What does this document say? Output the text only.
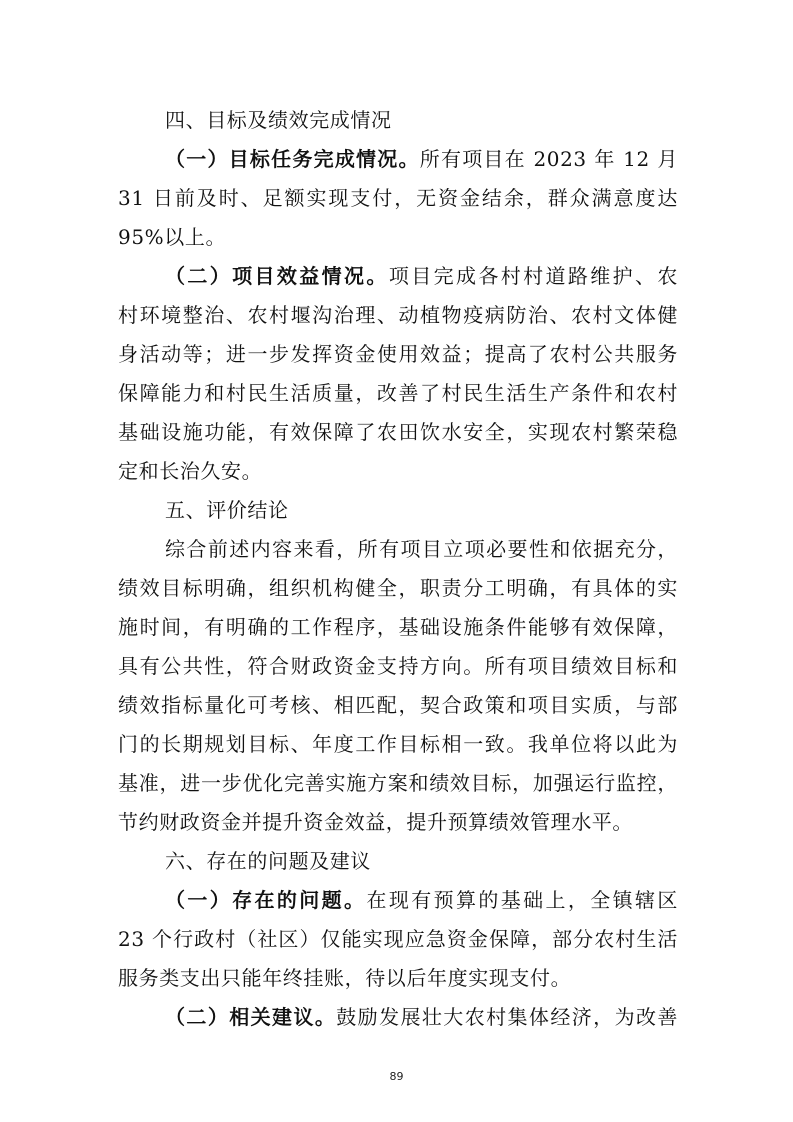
四、目标及绩效完成情况
（一）目标任务完成情况。所有项目在 2023 年 12 月
31 日前及时、足额实现支付，无资金结余，群众满意度达
95%以上。
（二）项目效益情况。项目完成各村村道路维护、农
村环境整治、农村堰沟治理、动植物疫病防治、农村文体健
身活动等；进一步发挥资金使用效益；提高了农村公共服务
保障能力和村民生活质量，改善了村民生活生产条件和农村
基础设施功能，有效保障了农田饮水安全，实现农村繁荣稳
定和长治久安。
五、评价结论
综合前述内容来看，所有项目立项必要性和依据充分，
绩效目标明确，组织机构健全，职责分工明确，有具体的实
施时间，有明确的工作程序，基础设施条件能够有效保障，
具有公共性，符合财政资金支持方向。所有项目绩效目标和
绩效指标量化可考核、相匹配，契合政策和项目实质，与部
门的长期规划目标、年度工作目标相一致。我单位将以此为
基准，进一步优化完善实施方案和绩效目标，加强运行监控，
节约财政资金并提升资金效益，提升预算绩效管理水平。
六、存在的问题及建议
（一）存在的问题。在现有预算的基础上，全镇辖区
23 个行政村（社区）仅能实现应急资金保障，部分农村生活
服务类支出只能年终挂账，待以后年度实现支付。
（二）相关建议。鼓励发展壮大农村集体经济，为改善
89
